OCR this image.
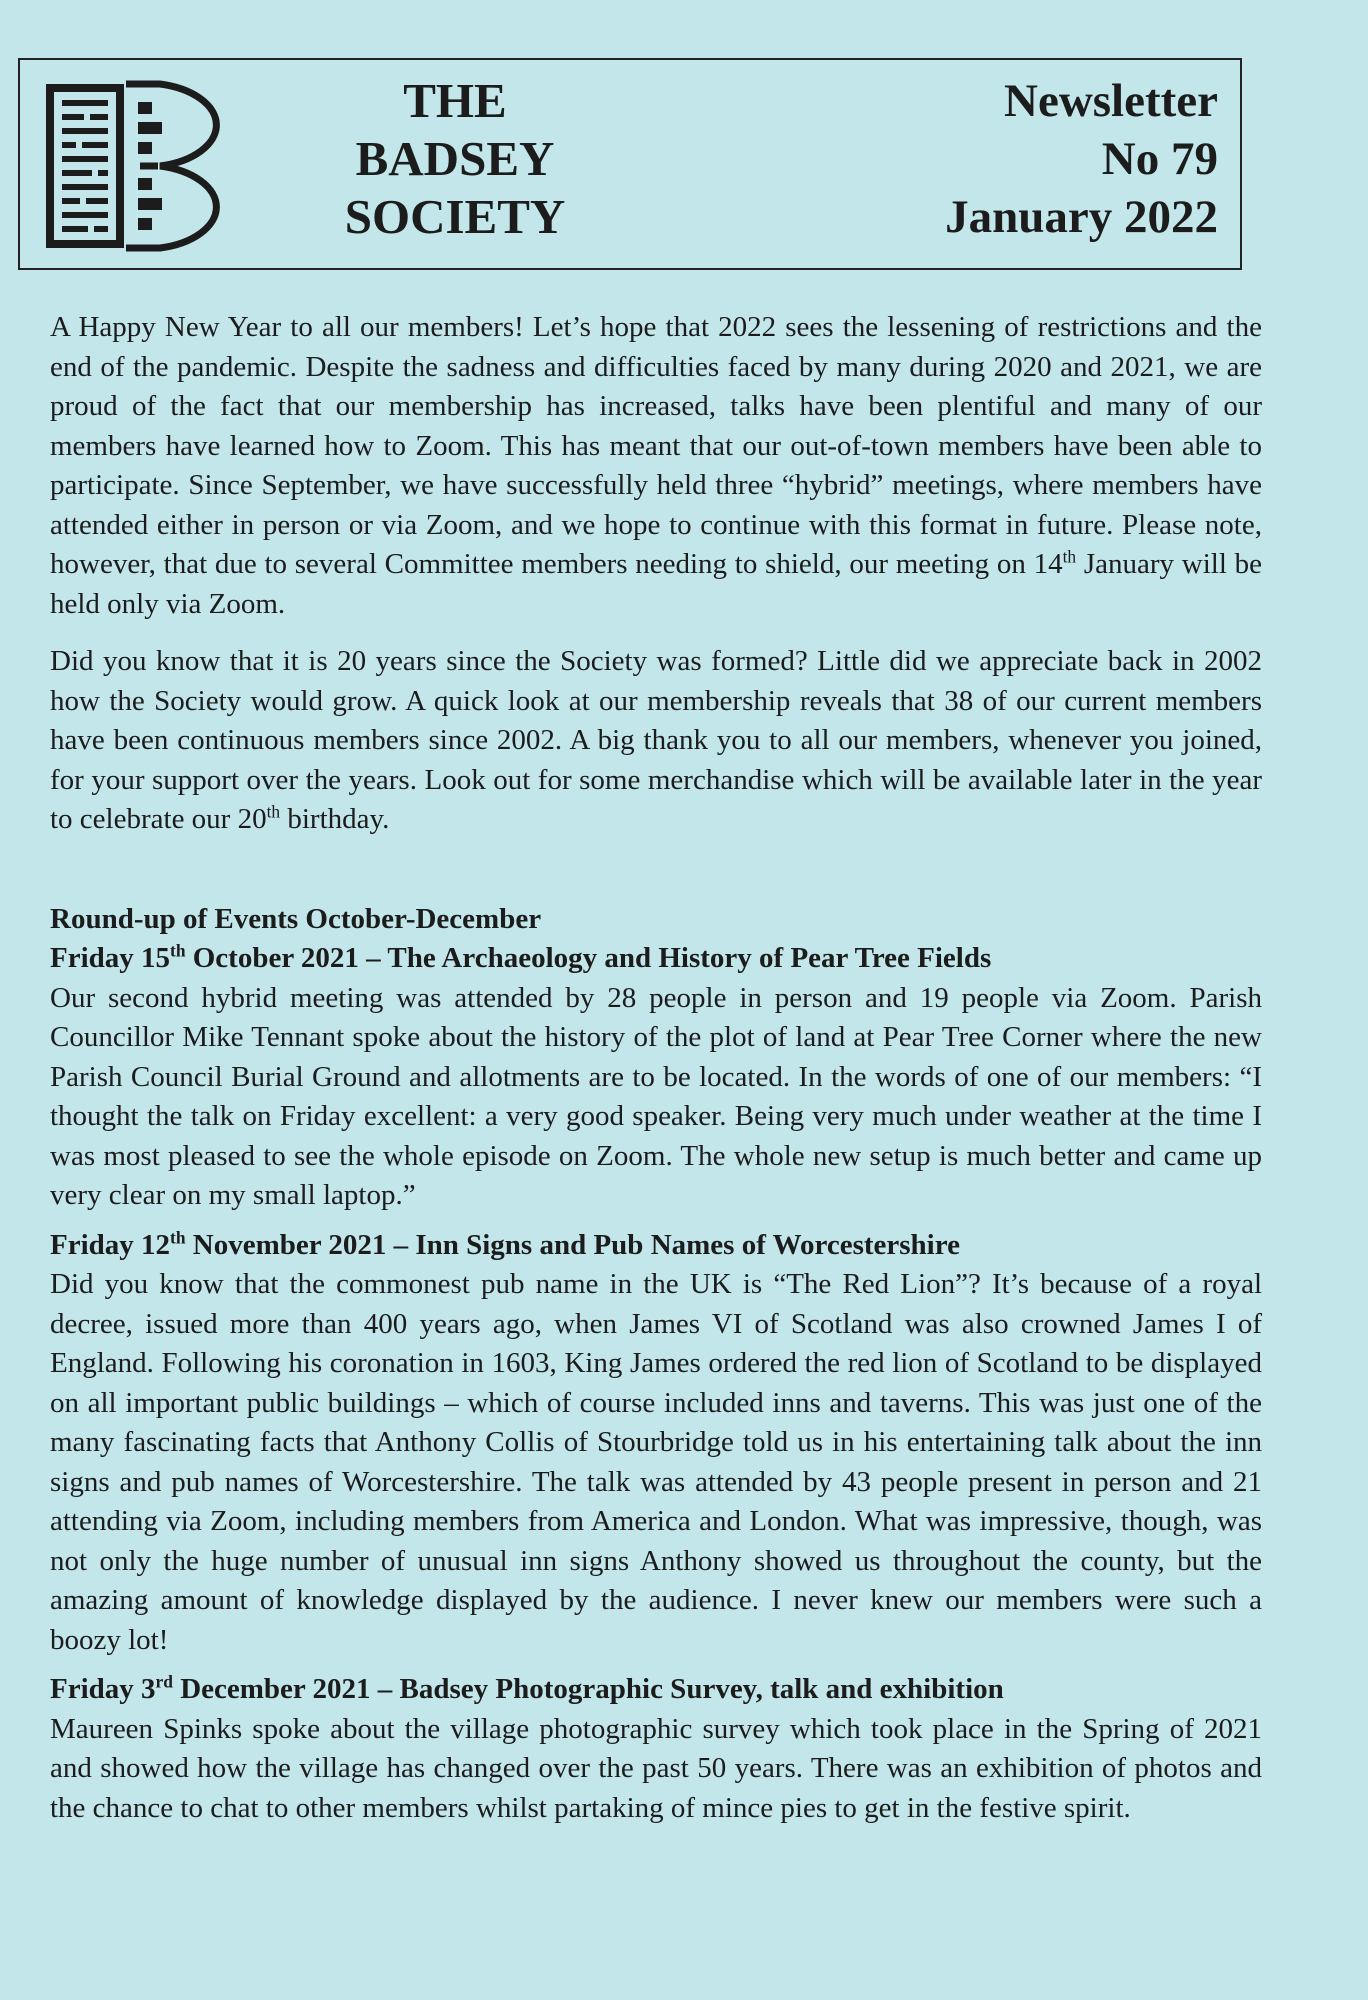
THE
BADSEY
SOCIETY
Newsletter
No 79
January 2022

A Happy New Year to all our members! Let’s hope that 2022 sees the lessening of restrictions and the end of the pandemic. Despite the sadness and difficulties faced by many during 2020 and 2021, we are proud of the fact that our membership has increased, talks have been plentiful and many of our members have learned how to Zoom. This has meant that our out-of-town members have been able to participate. Since September, we have successfully held three “hybrid” meetings, where members have attended either in person or via Zoom, and we hope to continue with this format in future. Please note, however, that due to several Committee members needing to shield, our meeting on 14th January will be held only via Zoom.

Did you know that it is 20 years since the Society was formed? Little did we appreciate back in 2002 how the Society would grow. A quick look at our membership reveals that 38 of our current members have been continuous members since 2002. A big thank you to all our members, whenever you joined, for your support over the years. Look out for some merchandise which will be available later in the year to celebrate our 20th birthday.

Round-up of Events October-December
Friday 15th October 2021 – The Archaeology and History of Pear Tree Fields
Our second hybrid meeting was attended by 28 people in person and 19 people via Zoom. Parish Councillor Mike Tennant spoke about the history of the plot of land at Pear Tree Corner where the new Parish Council Burial Ground and allotments are to be located. In the words of one of our members: “I thought the talk on Friday excellent: a very good speaker. Being very much under weather at the time I was most pleased to see the whole episode on Zoom. The whole new setup is much better and came up very clear on my small laptop.”
Friday 12th November 2021 – Inn Signs and Pub Names of Worcestershire
Did you know that the commonest pub name in the UK is “The Red Lion”? It’s because of a royal decree, issued more than 400 years ago, when James VI of Scotland was also crowned James I of England. Following his coronation in 1603, King James ordered the red lion of Scotland to be displayed on all important public buildings – which of course included inns and taverns. This was just one of the many fascinating facts that Anthony Collis of Stourbridge told us in his entertaining talk about the inn signs and pub names of Worcestershire. The talk was attended by 43 people present in person and 21 attending via Zoom, including members from America and London. What was impressive, though, was not only the huge number of unusual inn signs Anthony showed us throughout the county, but the amazing amount of knowledge displayed by the audience. I never knew our members were such a boozy lot!
Friday 3rd December 2021 – Badsey Photographic Survey, talk and exhibition
Maureen Spinks spoke about the village photographic survey which took place in the Spring of 2021 and showed how the village has changed over the past 50 years. There was an exhibition of photos and the chance to chat to other members whilst partaking of mince pies to get in the festive spirit.
